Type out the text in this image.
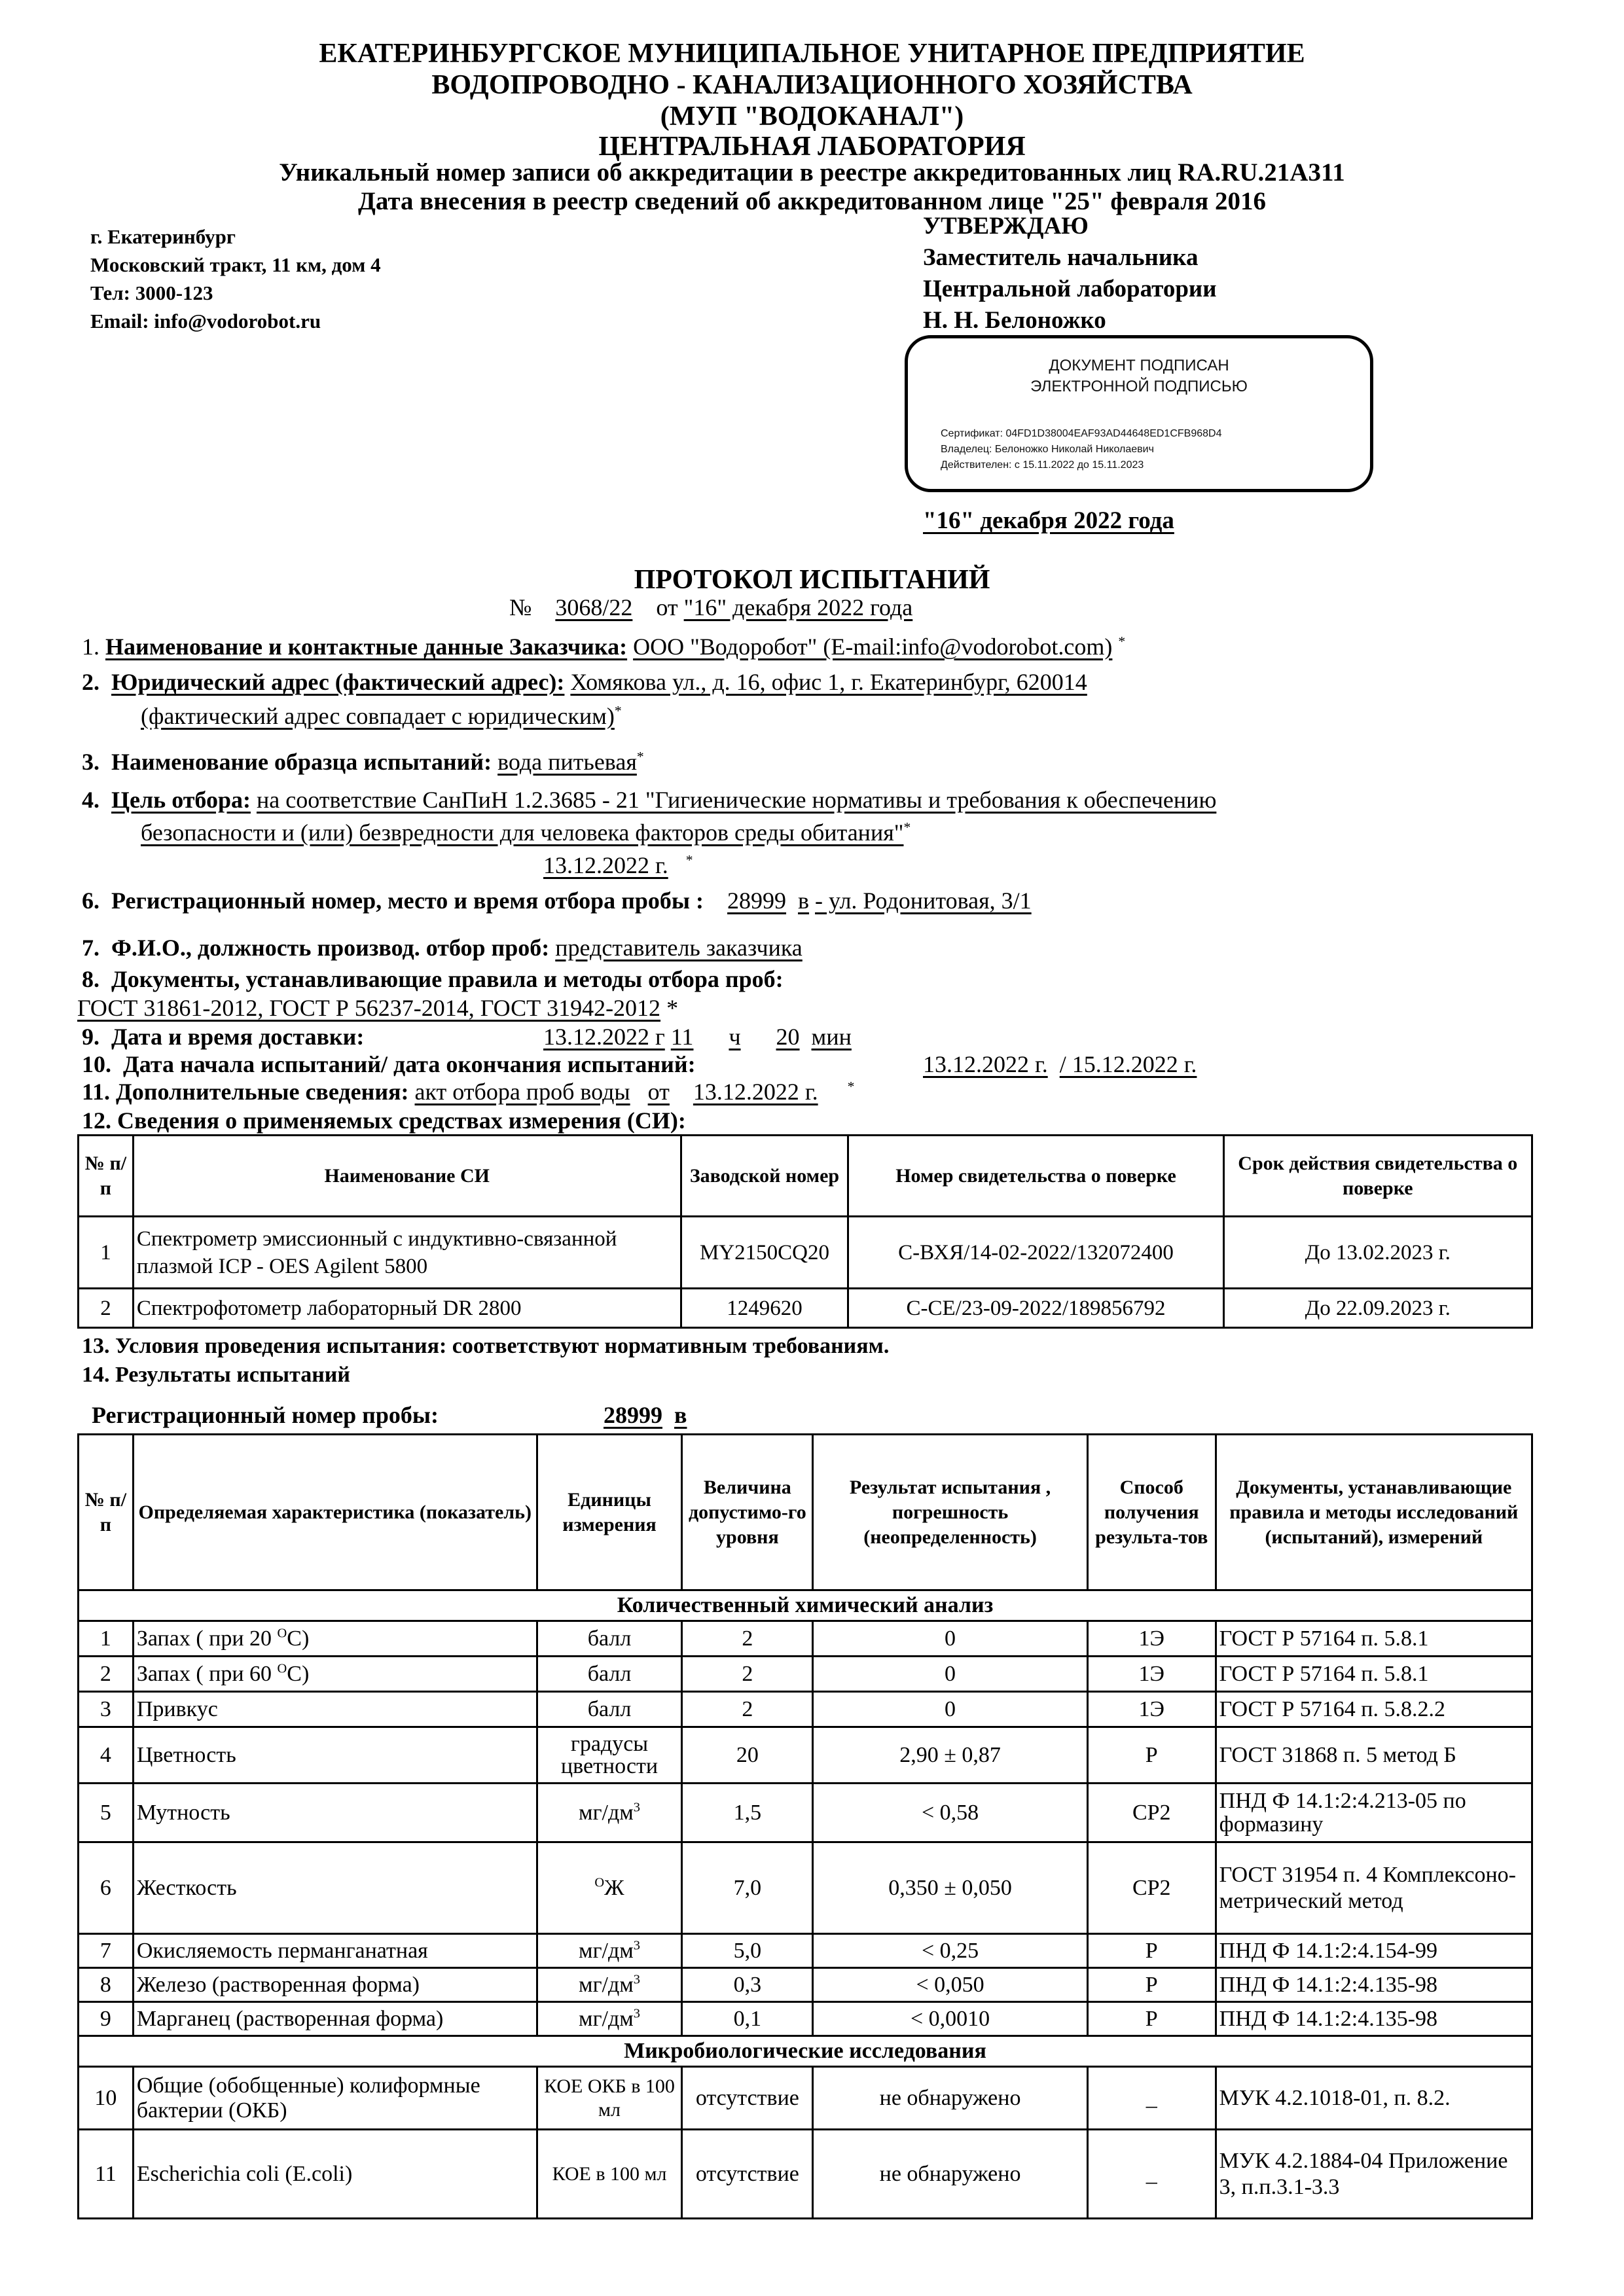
ЕКАТЕРИНБУРГСКОЕ МУНИЦИПАЛЬНОЕ УНИТАРНОЕ ПРЕДПРИЯТИЕ
ВОДОПРОВОДНО - КАНАЛИЗАЦИОННОГО ХОЗЯЙСТВА
(МУП "ВОДОКАНАЛ")
ЦЕНТРАЛЬНАЯ ЛАБОРАТОРИЯ
Уникальный номер записи об аккредитации в реестре аккредитованных лиц RA.RU.21А311
Дата внесения в реестр сведений об аккредитованном лице "25" февраля 2016
г. Екатеринбург
Московский тракт, 11 км, дом 4
Тел: 3000-123
Email: info@vodorobot.ru
УТВЕРЖДАЮ
Заместитель начальника
Центральной лаборатории
Н. Н. Белоножко
ДОКУМЕНТ ПОДПИСАН
ЭЛЕКТРОННОЙ ПОДПИСЬЮ
Сертификат: 04FD1D38004EAF93AD44648ED1CFB968D4
Владелец: Белоножко Николай Николаевич
Действителен: с 15.11.2022 до 15.11.2023
"16" декабря 2022 года
ПРОТОКОЛ ИСПЫТАНИЙ
№ 3068/22 от "16" декабря 2022 года
1. Наименование и контактные данные Заказчика: ООО "Водоробот" (E-mail:info@vodorobot.com) *
2. Юридический адрес (фактический адрес): Хомякова ул., д. 16, офис 1, г. Екатеринбург, 620014
(фактический адрес совпадает с юридическим)*
3. Наименование образца испытаний: вода питьевая*
4. Цель отбора: на соответствие СанПиН 1.2.3685 - 21 "Гигиенические нормативы и требования к обеспечению
безопасности и (или) безвредности для человека факторов среды обитания"*
13.12.2022 г. *
6. Регистрационный номер, место и время отбора пробы : 28999 в - ул. Родонитовая, 3/1
7. Ф.И.О., должность производ. отбор проб: представитель заказчика
8. Документы, устанавливающие правила и методы отбора проб:
ГОСТ 31861-2012, ГОСТ Р 56237-2014, ГОСТ 31942-2012 *
9. Дата и время доставки:	13.12.2022 г 11 ч 20 мин
10. Дата начала испытаний/ дата окончания испытаний:	13.12.2022 г. / 15.12.2022 г.
11. Дополнительные сведения: акт отбора проб воды от 13.12.2022 г. *
12. Сведения о применяемых средствах измерения (СИ):
№ п/п	Наименование СИ	Заводской номер	Номер свидетельства о поверке	Срок действия свидетельства о поверке
1	Спектрометр эмиссионный с индуктивно-связанной плазмой ICP - OES Agilent 5800	MY2150CQ20	С-ВХЯ/14-02-2022/132072400	До 13.02.2023 г.
2	Спектрофотометр лабораторный DR 2800	1249620	С-СЕ/23-09-2022/189856792	До 22.09.2023 г.
13. Условия проведения испытания: соответствуют нормативным требованиям.
14. Результаты испытаний
Регистрационный номер пробы:	28999 в
№ п/п	Определяемая характеристика (показатель)	Единицы измерения	Величина допустимо-го уровня	Результат испытания , погрешность (неопределенность)	Способ получения результа-тов	Документы, устанавливающие правила и методы исследований (испытаний), измерений
Количественный химический анализ						
1	Запах ( при 20 $^О$С)	балл	2	0	1Э	ГОСТ Р 57164 п. 5.8.1
2	Запах ( при 60 $^О$С)	балл	2	0	1Э	ГОСТ Р 57164 п. 5.8.1
3	Привкус	балл	2	0	1Э	ГОСТ Р 57164 п. 5.8.2.2
4	Цветность	градусы цветности	20	2,90 ± 0,87	Р	ГОСТ 31868 п. 5 метод Б
5	Мутность	$мг/дм^3$	1,5	< 0,58	СР2	ПНД Ф 14.1:2:4.213-05 по формазину
6	Жесткость	$^О$Ж	7,0	0,350 ± 0,050	СР2	ГОСТ 31954 п. 4 Комплексоно-метрический метод
7	Окисляемость перманганатная	$мг/дм^3$	5,0	< 0,25	Р	ПНД Ф 14.1:2:4.154-99
8	Железо (растворенная форма)	$мг/дм^3$	0,3	< 0,050	Р	ПНД Ф 14.1:2:4.135-98
9	Марганец (растворенная форма)	$мг/дм^3$	0,1	< 0,0010	Р	ПНД Ф 14.1:2:4.135-98
Микробиологические исследования						
10	Общие (обобщенные) колиформные бактерии (ОКБ)	КОЕ ОКБ в 100 мл	отсутствие	не обнаружено	_	МУК 4.2.1018-01, п. 8.2.
11	Escherichia coli (E.coli)	КОЕ в 100 мл	отсутствие	не обнаружено	_	МУК 4.2.1884-04 Приложение 3, п.п.3.1-3.3
